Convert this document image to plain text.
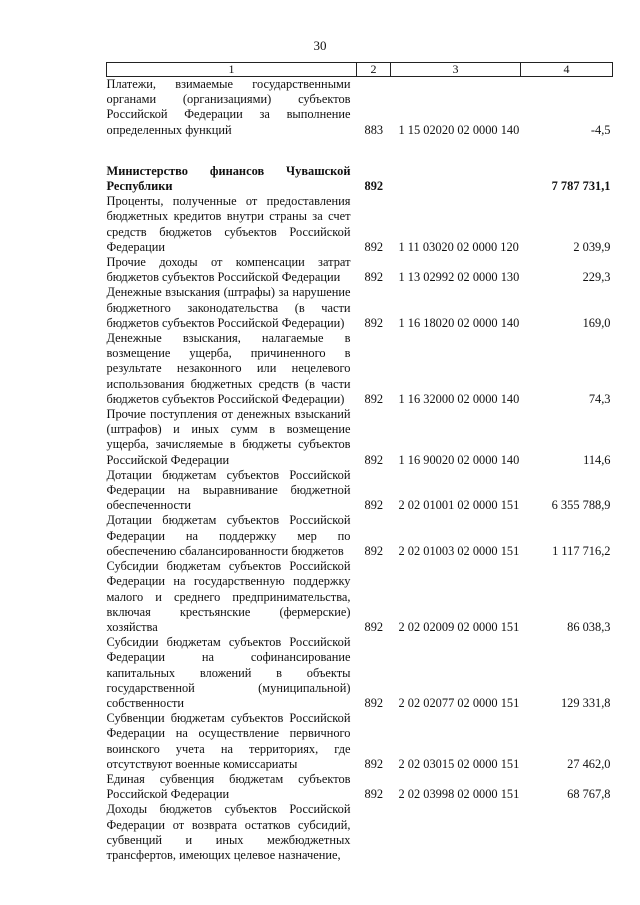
30
1	2	3	4
Платежи, взимаемые государственными органами (организациями) субъектов Российской Федерации за выполнение определенных функций	883	1 15 02020 02 0000 140	-4,5

Министерство финансов Чувашской Республики	892		7 787 731,1
Проценты, полученные от предоставления бюджетных кредитов внутри страны за счет средств бюджетов субъектов Российской Федерации	892	1 11 03020 02 0000 120	2 039,9
Прочие доходы от компенсации затрат бюджетов субъектов Российской Федерации	892	1 13 02992 02 0000 130	229,3
Денежные взыскания (штрафы) за нарушение бюджетного законодательства (в части бюджетов субъектов Российской Федерации)	892	1 16 18020 02 0000 140	169,0
Денежные взыскания, налагаемые в возмещение ущерба, причиненного в результате незаконного или нецелевого использования бюджетных средств (в части бюджетов субъектов Российской Федерации)	892	1 16 32000 02 0000 140	74,3
Прочие поступления от денежных взысканий (штрафов) и иных сумм в возмещение ущерба, зачисляемые в бюджеты субъектов Российской Федерации	892	1 16 90020 02 0000 140	114,6
Дотации бюджетам субъектов Российской Федерации на выравнивание бюджетной обеспеченности	892	2 02 01001 02 0000 151	6 355 788,9
Дотации бюджетам субъектов Российской Федерации на поддержку мер по обеспечению сбалансированности бюджетов	892	2 02 01003 02 0000 151	1 117 716,2
Субсидии бюджетам субъектов Российской Федерации на государственную поддержку малого и среднего предпринимательства, включая крестьянские (фермерские) хозяйства	892	2 02 02009 02 0000 151	86 038,3
Субсидии бюджетам субъектов Российской Федерации на софинансирование капитальных вложений в объекты государственной (муниципальной) собственности	892	2 02 02077 02 0000 151	129 331,8
Субвенции бюджетам субъектов Российской Федерации на осуществление первичного воинского учета на территориях, где отсутствуют военные комиссариаты	892	2 02 03015 02 0000 151	27 462,0
Единая субвенция бюджетам субъектов Российской Федерации	892	2 02 03998 02 0000 151	68 767,8
Доходы бюджетов субъектов Российской Федерации от возврата остатков субсидий, субвенций и иных межбюджетных трансфертов, имеющих целевое назначение,			
